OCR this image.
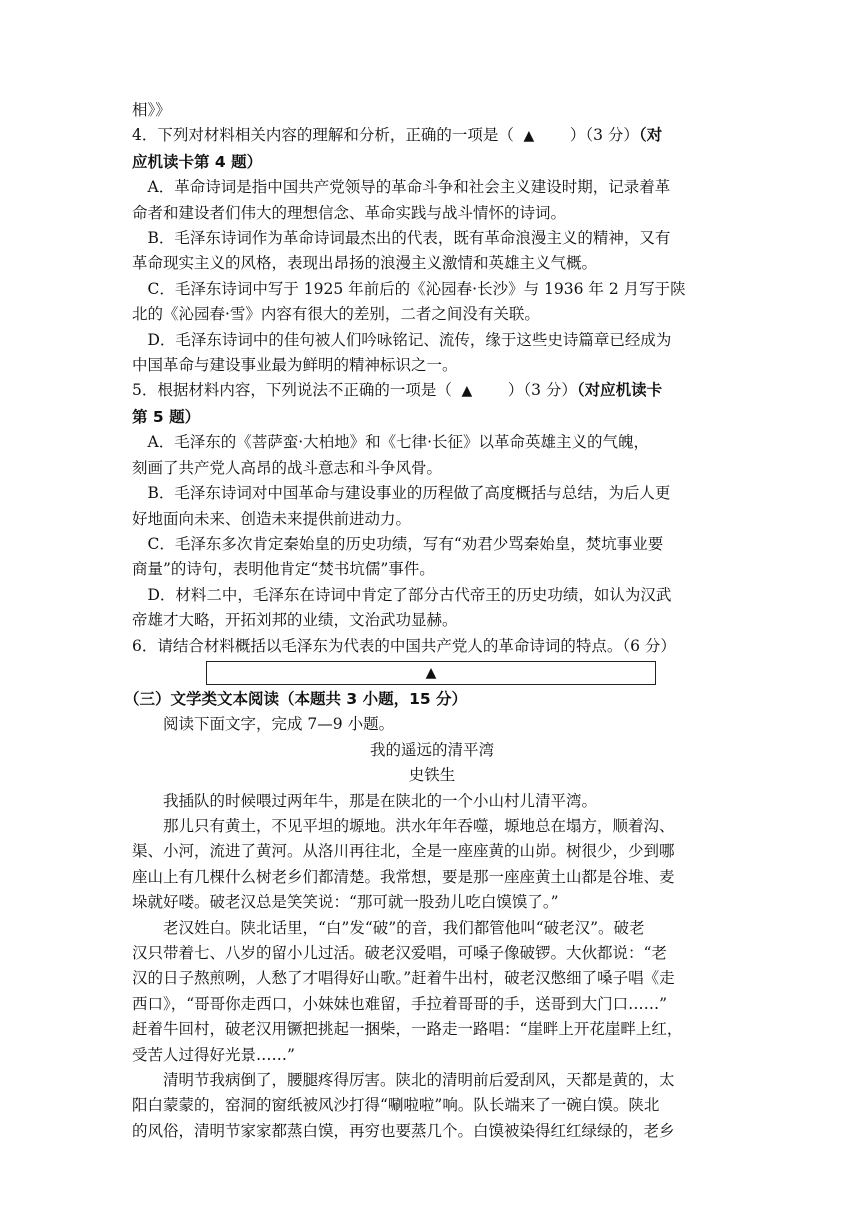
相》》
4．下列对材料相关内容的理解和分析，正确的一项是（ ▲ ）（3 分）（对
应机读卡第 4 题）
A．革命诗词是指中国共产党领导的革命斗争和社会主义建设时期，记录着革
命者和建设者们伟大的理想信念、革命实践与战斗情怀的诗词。
B．毛泽东诗词作为革命诗词最杰出的代表，既有革命浪漫主义的精神，又有
革命现实主义的风格，表现出昂扬的浪漫主义激情和英雄主义气概。
C．毛泽东诗词中写于 1925 年前后的《沁园春·长沙》与 1936 年 2 月写于陕
北的《沁园春·雪》内容有很大的差别，二者之间没有关联。
D．毛泽东诗词中的佳句被人们吟咏铭记、流传，缘于这些史诗篇章已经成为
中国革命与建设事业最为鲜明的精神标识之一。
5．根据材料内容，下列说法不正确的一项是（ ▲ ）（3 分）（对应机读卡
第 5 题）
A．毛泽东的《菩萨蛮·大柏地》和《七律·长征》以革命英雄主义的气魄，
刻画了共产党人高昂的战斗意志和斗争风骨。
B．毛泽东诗词对中国革命与建设事业的历程做了高度概括与总结，为后人更
好地面向未来、创造未来提供前进动力。
C．毛泽东多次肯定秦始皇的历史功绩，写有“劝君少骂秦始皇，焚坑事业要
商量”的诗句，表明他肯定“焚书坑儒”事件。
D．材料二中，毛泽东在诗词中肯定了部分古代帝王的历史功绩，如认为汉武
帝雄才大略，开拓刘邦的业绩，文治武功显赫。
6．请结合材料概括以毛泽东为代表的中国共产党人的革命诗词的特点。（6 分）
▲
（三）文学类文本阅读（本题共 3 小题，15 分）
阅读下面文字，完成 7—9 小题。
我的遥远的清平湾
史铁生
我插队的时候喂过两年牛，那是在陕北的一个小山村儿清平湾。
那儿只有黄土，不见平坦的塬地。洪水年年吞噬，塬地总在塌方，顺着沟、
渠、小河，流进了黄河。从洛川再往北，全是一座座黄的山峁。树很少，少到哪
座山上有几棵什么树老乡们都清楚。我常想，要是那一座座黄土山都是谷堆、麦
垛就好喽。破老汉总是笑笑说：“那可就一股劲儿吃白馍馍了。”
老汉姓白。陕北话里，“白”发“破”的音，我们都管他叫“破老汉”。破老
汉只带着七、八岁的留小儿过活。破老汉爱唱，可嗓子像破锣。大伙都说：“老
汉的日子熬煎咧，人愁了才唱得好山歌。”赶着牛出村，破老汉憋细了嗓子唱《走
西口》，“哥哥你走西口，小妹妹也难留，手拉着哥哥的手，送哥到大门口……”
赶着牛回村，破老汉用镢把挑起一捆柴，一路走一路唱：“崖畔上开花崖畔上红，
受苦人过得好光景……”
清明节我病倒了，腰腿疼得厉害。陕北的清明前后爱刮风，天都是黄的，太
阳白蒙蒙的，窑洞的窗纸被风沙打得“唰啦啦”响。队长端来了一碗白馍。陕北
的风俗，清明节家家都蒸白馍，再穷也要蒸几个。白馍被染得红红绿绿的，老乡
